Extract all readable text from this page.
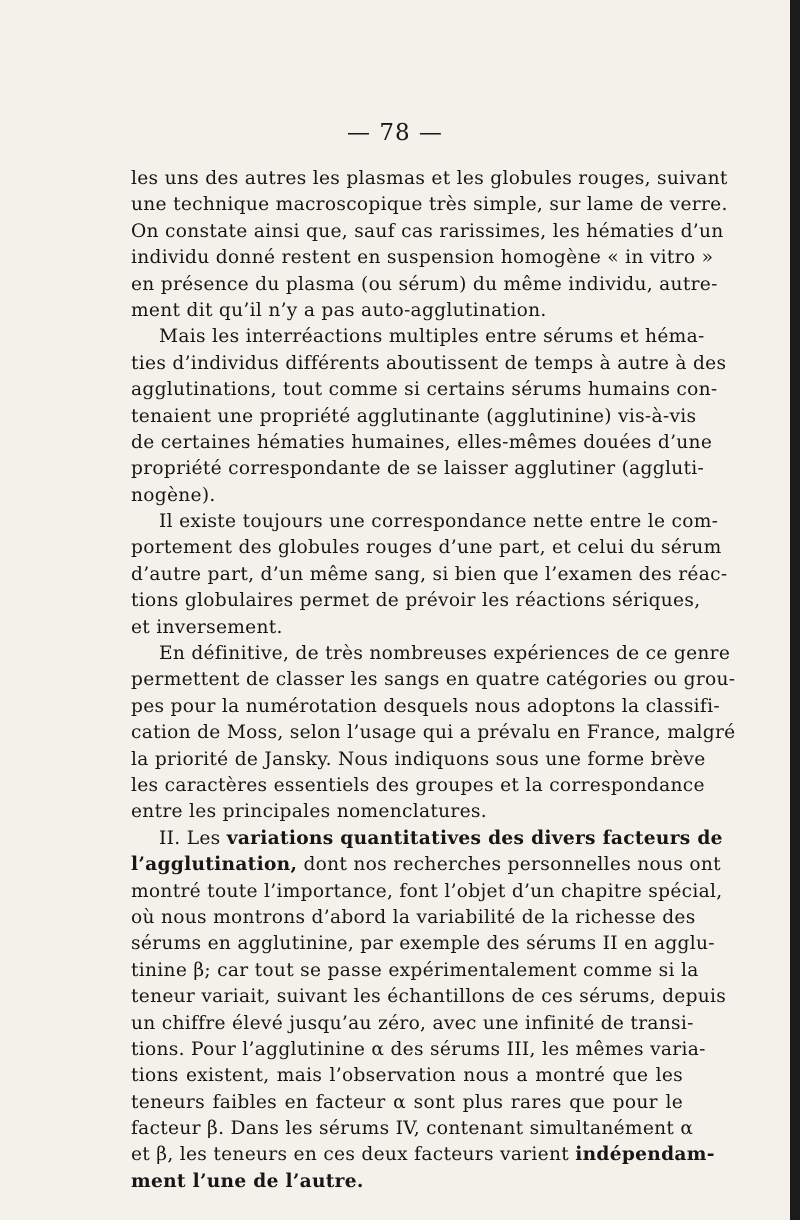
— 78 —
les uns des autres les plasmas et les globules rouges, suivant
une technique macroscopique très simple, sur lame de verre.
On constate ainsi que, sauf cas rarissimes, les hématies d’un
individu donné restent en suspension homogène « in vitro »
en présence du plasma (ou sérum) du même individu, autre-
ment dit qu’il n’y a pas auto-agglutination.
Mais les interréactions multiples entre sérums et héma-
ties d’individus différents aboutissent de temps à autre à des
agglutinations, tout comme si certains sérums humains con-
tenaient une propriété agglutinante (agglutinine) vis-à-vis
de certaines hématies humaines, elles-mêmes douées d’une
propriété correspondante de se laisser agglutiner (aggluti-
nogène).
Il existe toujours une correspondance nette entre le com-
portement des globules rouges d’une part, et celui du sérum
d’autre part, d’un même sang, si bien que l’examen des réac-
tions globulaires permet de prévoir les réactions sériques,
et inversement.
En définitive, de très nombreuses expériences de ce genre
permettent de classer les sangs en quatre catégories ou grou-
pes pour la numérotation desquels nous adoptons la classifi-
cation de Moss, selon l’usage qui a prévalu en France, malgré
la priorité de Jansky. Nous indiquons sous une forme brève
les caractères essentiels des groupes et la correspondance
entre les principales nomenclatures.
II. Les variations quantitatives des divers facteurs de
l’agglutination, dont nos recherches personnelles nous ont
montré toute l’importance, font l’objet d’un chapitre spécial,
où nous montrons d’abord la variabilité de la richesse des
sérums en agglutinine, par exemple des sérums II en agglu-
tinine β; car tout se passe expérimentalement comme si la
teneur variait, suivant les échantillons de ces sérums, depuis
un chiffre élevé jusqu’au zéro, avec une infinité de transi-
tions. Pour l’agglutinine α des sérums III, les mêmes varia-
tions existent, mais l’observation nous a montré que les
teneurs faibles en facteur α sont plus rares que pour le
facteur β. Dans les sérums IV, contenant simultanément α
et β, les teneurs en ces deux facteurs varient indépendam-
ment l’une de l’autre.
